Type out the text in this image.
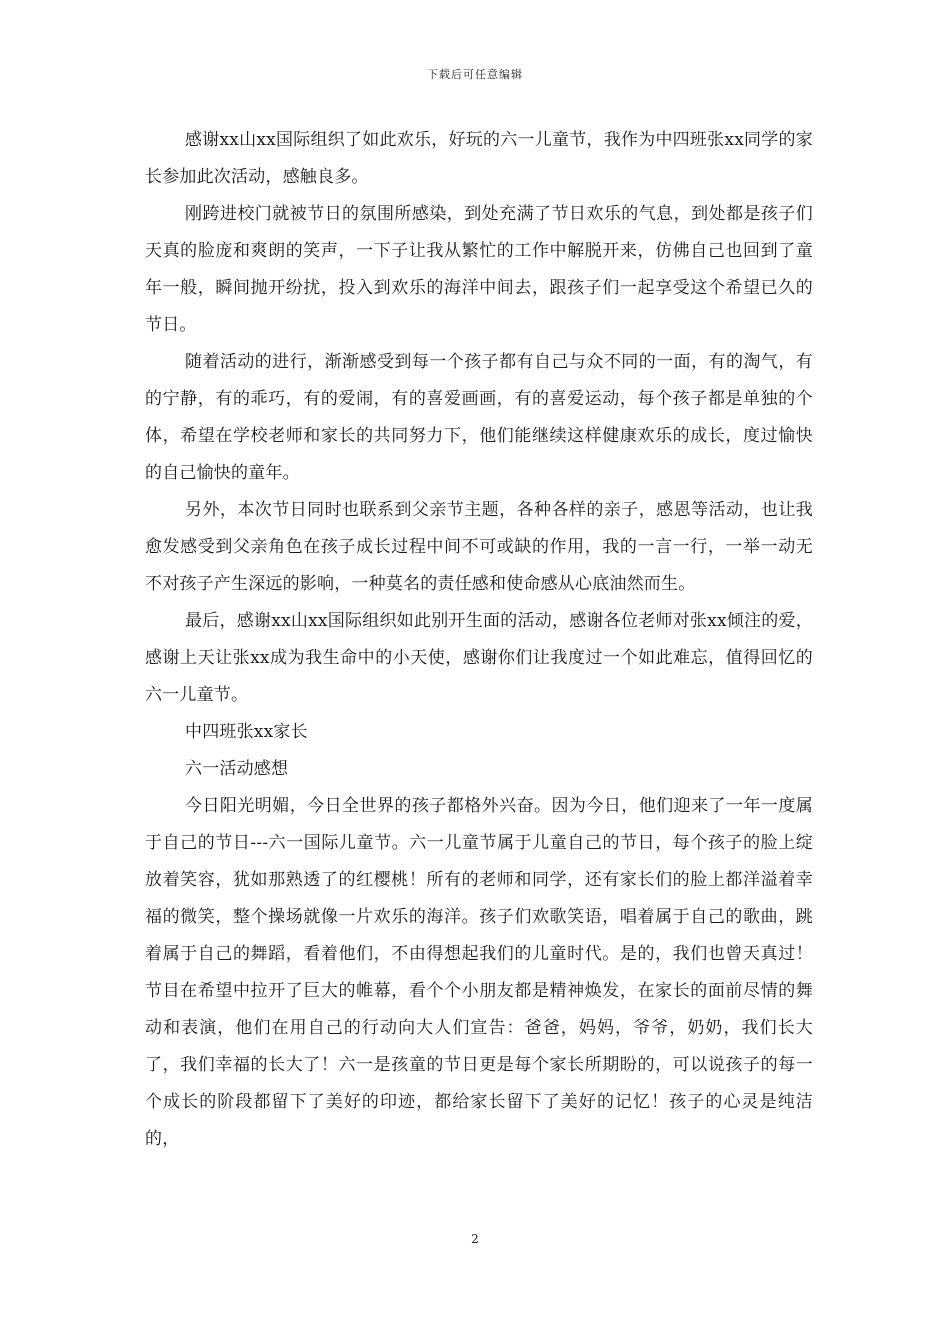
下载后可任意编辑

感谢xx山xx国际组织了如此欢乐，好玩的六一儿童节，我作为中四班张xx同学的家长参加此次活动，感触良多。

刚跨进校门就被节日的氛围所感染，到处充满了节日欢乐的气息，到处都是孩子们天真的脸庞和爽朗的笑声，一下子让我从繁忙的工作中解脱开来，仿佛自己也回到了童年一般，瞬间抛开纷扰，投入到欢乐的海洋中间去，跟孩子们一起享受这个希望已久的节日。

随着活动的进行，渐渐感受到每一个孩子都有自己与众不同的一面，有的淘气，有的宁静，有的乖巧，有的爱闹，有的喜爱画画，有的喜爱运动，每个孩子都是单独的个体，希望在学校老师和家长的共同努力下，他们能继续这样健康欢乐的成长，度过愉快的自己愉快的童年。

另外，本次节日同时也联系到父亲节主题，各种各样的亲子，感恩等活动，也让我愈发感受到父亲角色在孩子成长过程中间不可或缺的作用，我的一言一行，一举一动无不对孩子产生深远的影响，一种莫名的责任感和使命感从心底油然而生。

最后，感谢xx山xx国际组织如此别开生面的活动，感谢各位老师对张xx倾注的爱，感谢上天让张xx成为我生命中的小天使，感谢你们让我度过一个如此难忘，值得回忆的六一儿童节。

中四班张xx家长

六一活动感想

今日阳光明媚，今日全世界的孩子都格外兴奋。因为今日，他们迎来了一年一度属于自己的节日---六一国际儿童节。六一儿童节属于儿童自己的节日，每个孩子的脸上绽放着笑容，犹如那熟透了的红樱桃！所有的老师和同学，还有家长们的脸上都洋溢着幸福的微笑，整个操场就像一片欢乐的海洋。孩子们欢歌笑语，唱着属于自己的歌曲，跳着属于自己的舞蹈，看着他们，不由得想起我们的儿童时代。是的，我们也曾天真过！节目在希望中拉开了巨大的帷幕，看个个小朋友都是精神焕发，在家长的面前尽情的舞动和表演，他们在用自己的行动向大人们宣告：爸爸，妈妈，爷爷，奶奶，我们长大了，我们幸福的长大了！六一是孩童的节日更是每个家长所期盼的，可以说孩子的每一个成长的阶段都留下了美好的印迹，都给家长留下了美好的记忆！孩子的心灵是纯洁的，

2
